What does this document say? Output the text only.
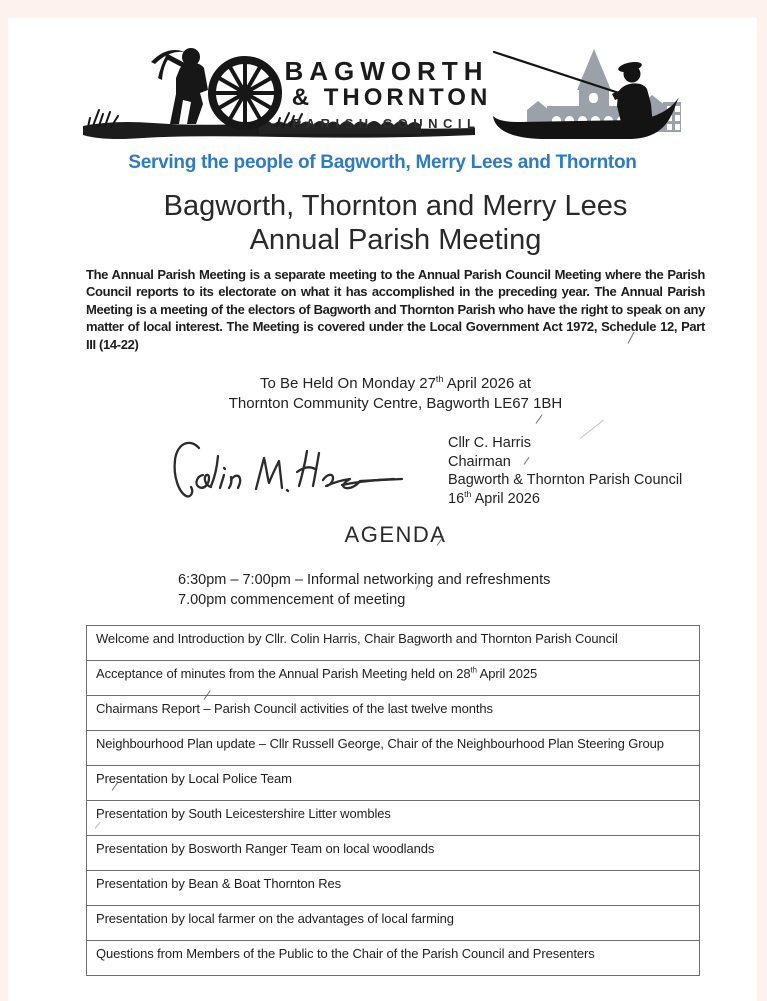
BAGWORTH
& THORNTON
PARISH COUNCIL
Serving the people of Bagworth, Merry Lees and Thornton
Bagworth, Thornton and Merry Lees
Annual Parish Meeting

The Annual Parish Meeting is a separate meeting to the Annual Parish Council Meeting where the Parish Council reports to its electorate on what it has accomplished in the preceding year. The Annual Parish Meeting is a meeting of the electors of Bagworth and Thornton Parish who have the right to speak on any matter of local interest. The Meeting is covered under the Local Government Act 1972, Schedule 12, Part III (14-22)

To Be Held On Monday 27th April 2026 at
Thornton Community Centre, Bagworth LE67 1BH
Cllr C. Harris
Chairman
Bagworth & Thornton Parish Council
16th April 2026
AGENDA
6:30pm – 7:00pm – Informal networking and refreshments
7.00pm commencement of meeting
Welcome and Introduction by Cllr. Colin Harris, Chair Bagworth and Thornton Parish Council
Acceptance of minutes from the Annual Parish Meeting held on 28th April 2025
Chairmans Report – Parish Council activities of the last twelve months
Neighbourhood Plan update – Cllr Russell George, Chair of the Neighbourhood Plan Steering Group
Presentation by Local Police Team
Presentation by South Leicestershire Litter wombles
Presentation by Bosworth Ranger Team on local woodlands
Presentation by Bean & Boat Thornton Res
Presentation by local farmer on the advantages of local farming
Questions from Members of the Public to the Chair of the Parish Council and Presenters
